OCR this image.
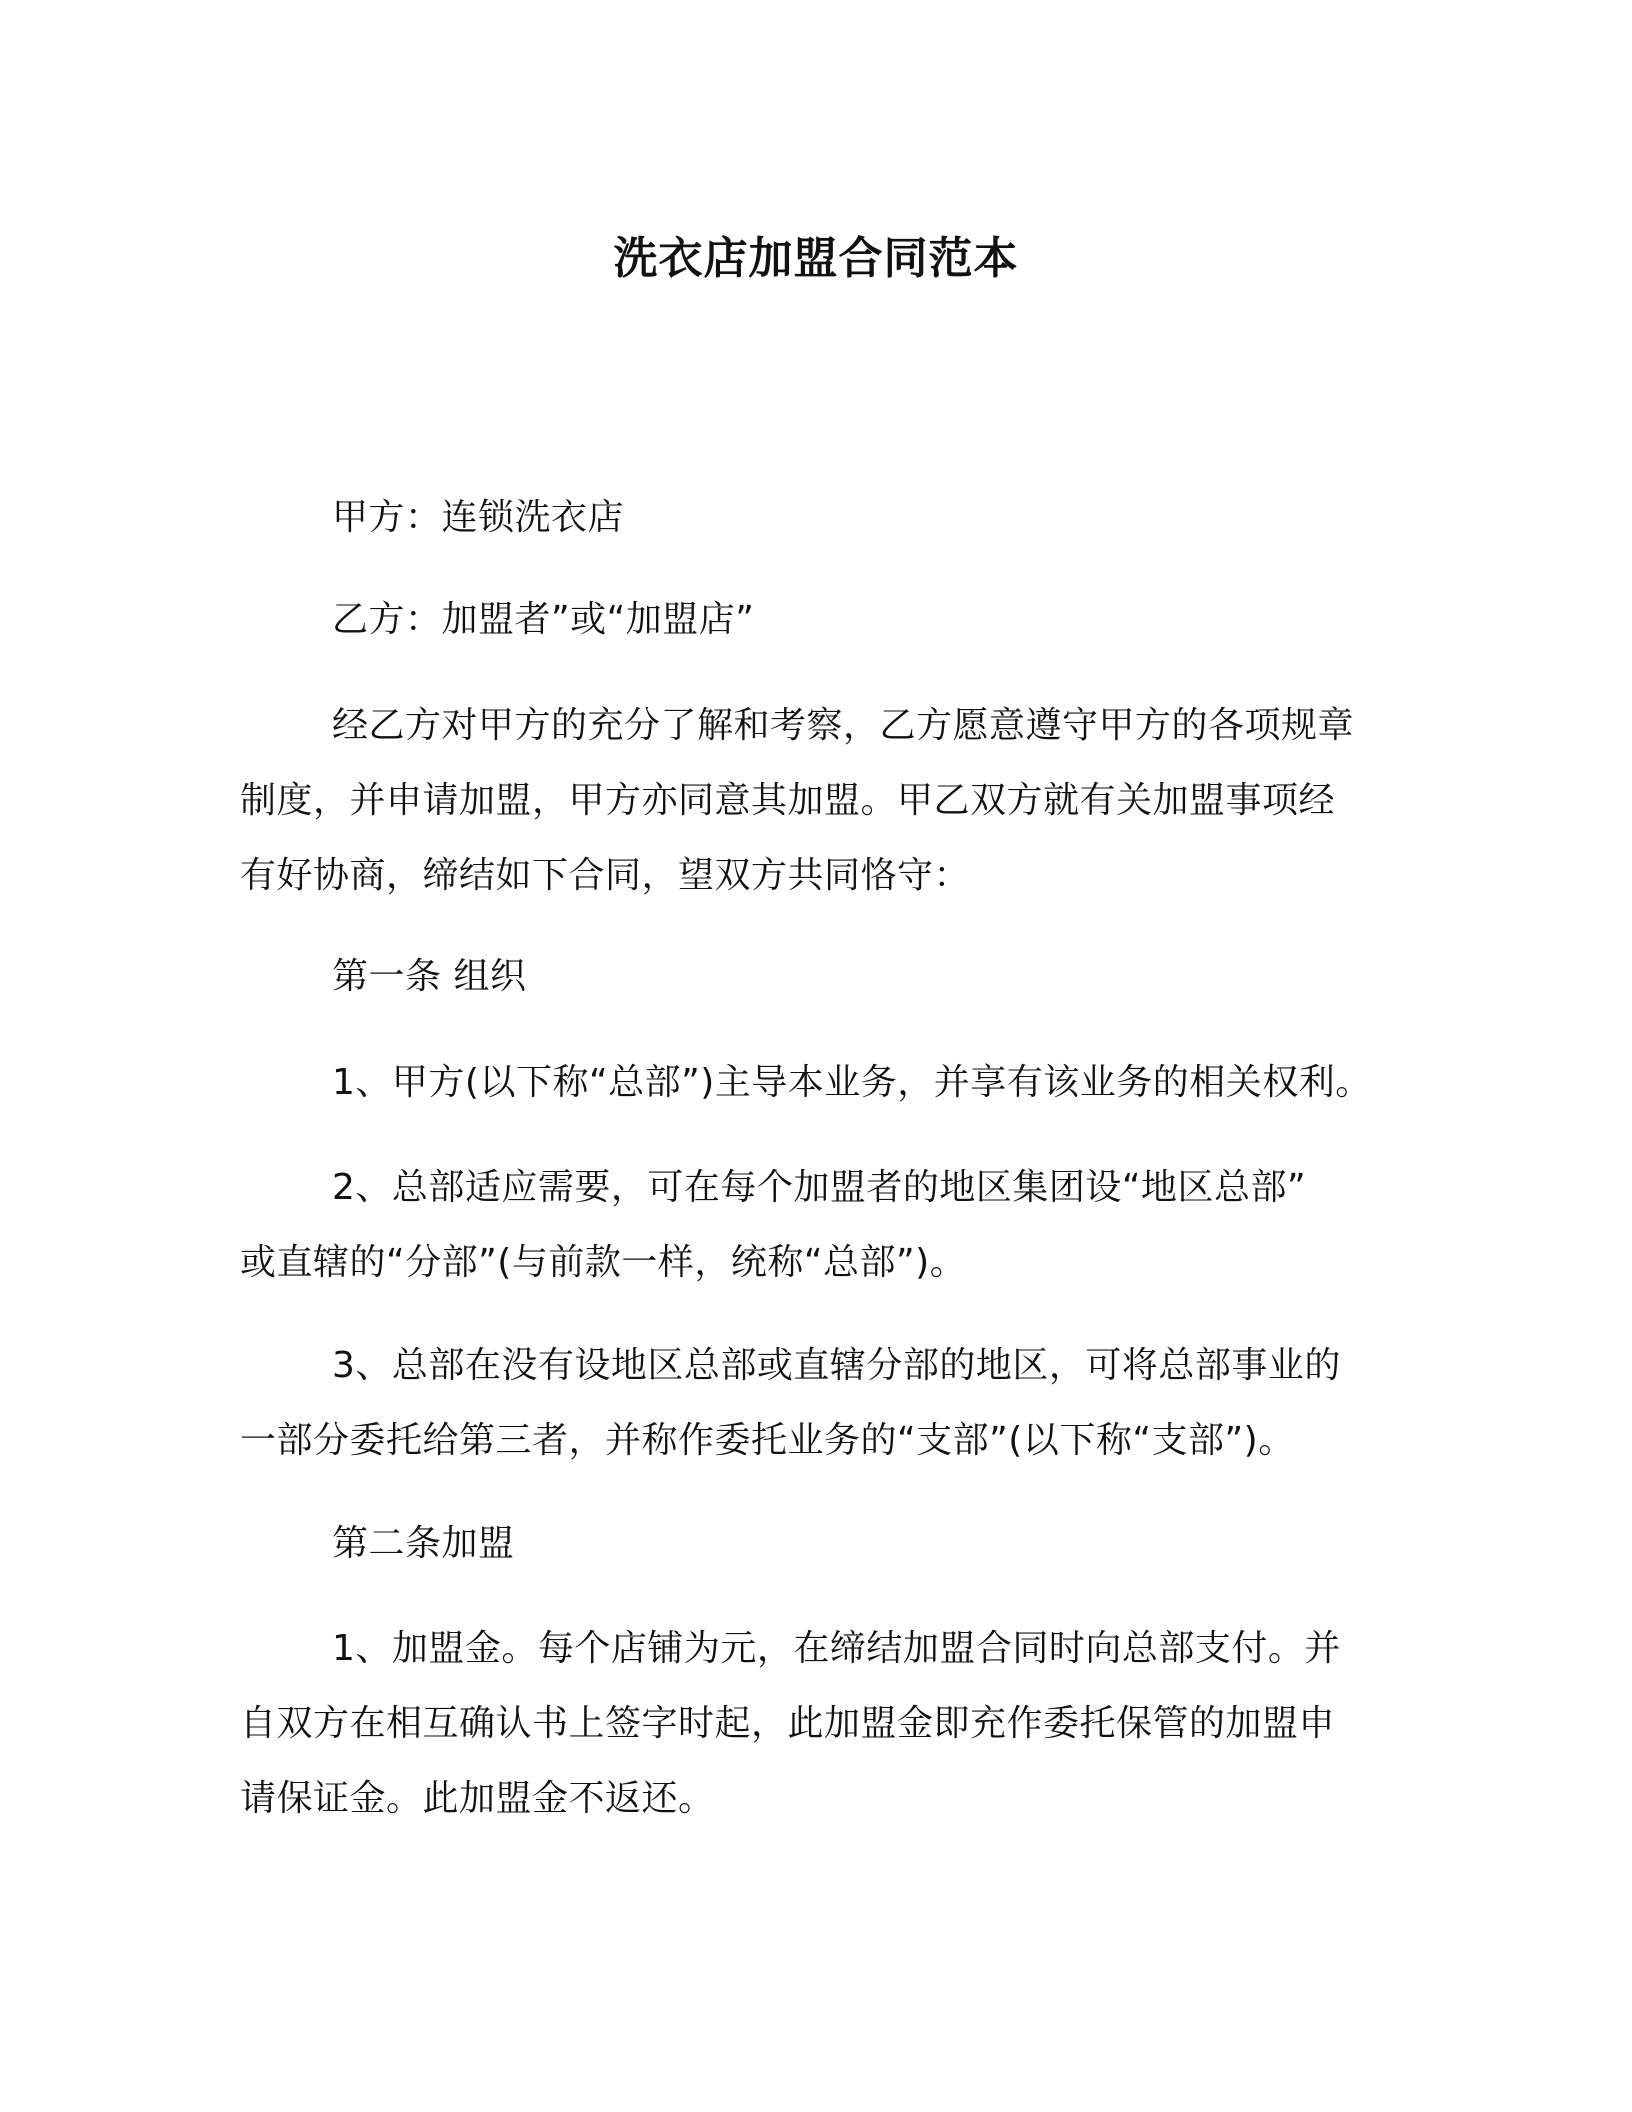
洗衣店加盟合同范本
甲方：连锁洗衣店
乙方：加盟者”或“加盟店”
经乙方对甲方的充分了解和考察，乙方愿意遵守甲方的各项规章
制度，并申请加盟，甲方亦同意其加盟。甲乙双方就有关加盟事项经
有好协商，缔结如下合同，望双方共同恪守：
第一条 组织
1、甲方(以下称“总部”)主导本业务，并享有该业务的相关权利。
2、总部适应需要，可在每个加盟者的地区集团设“地区总部”
或直辖的“分部”(与前款一样，统称“总部”)。
3、总部在没有设地区总部或直辖分部的地区，可将总部事业的
一部分委托给第三者，并称作委托业务的“支部”(以下称“支部”)。
第二条加盟
1、加盟金。每个店铺为元，在缔结加盟合同时向总部支付。并
自双方在相互确认书上签字时起，此加盟金即充作委托保管的加盟申
请保证金。此加盟金不返还。
